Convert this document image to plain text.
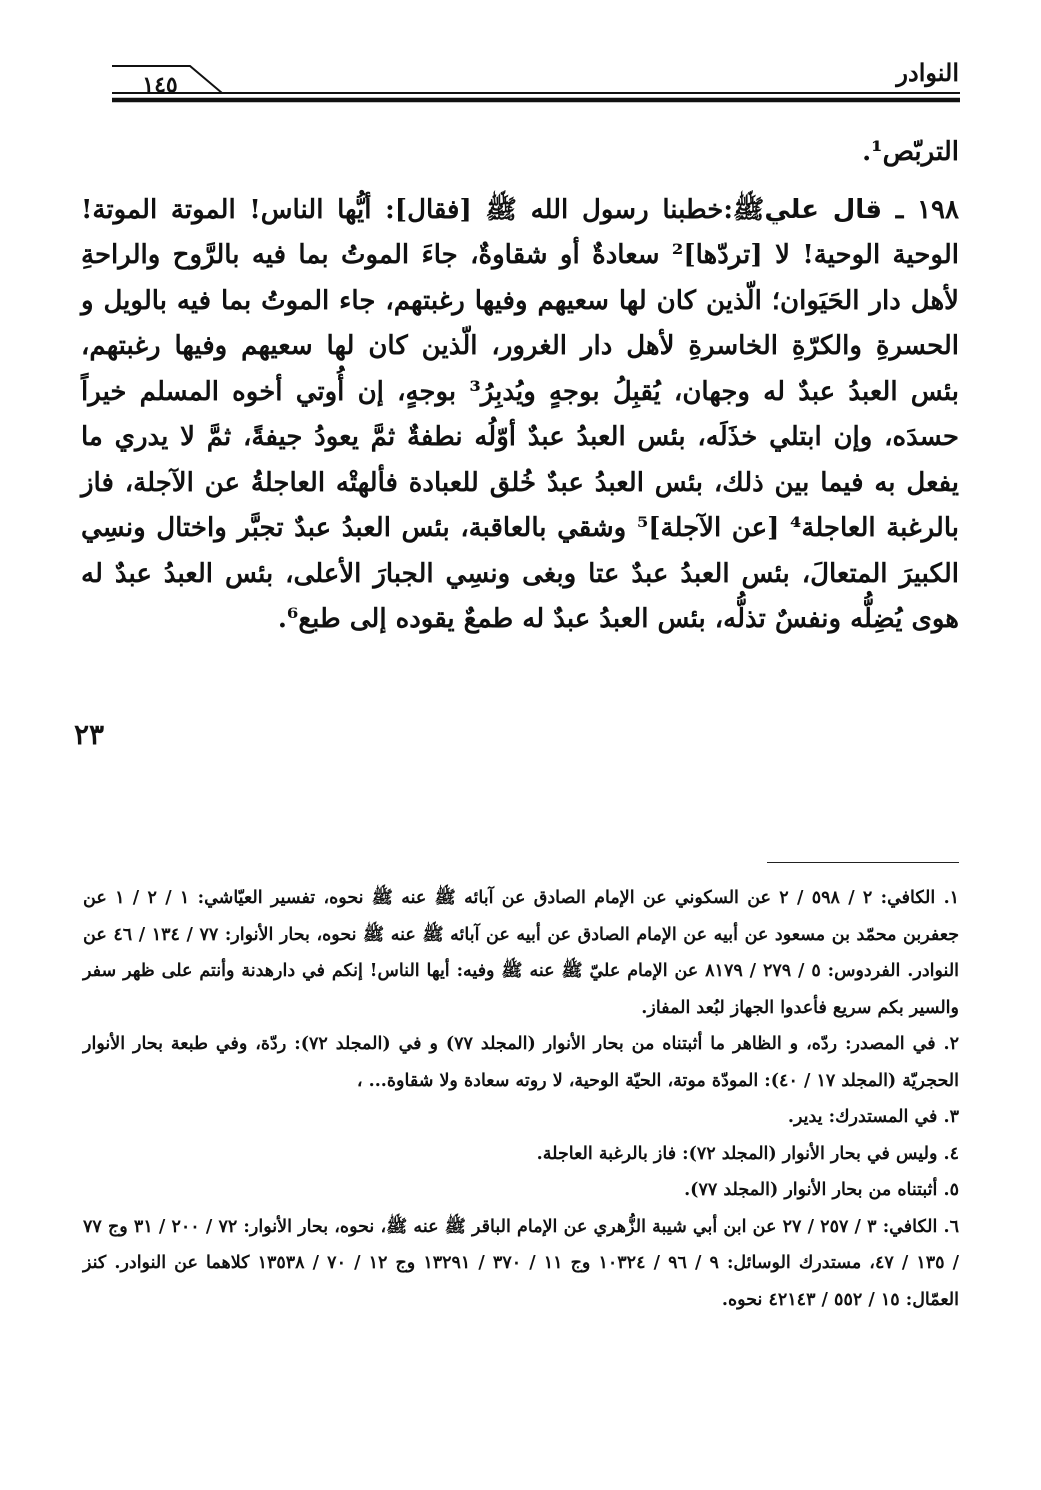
النوادر
١٤٥

التربّص¹.

١٩٨ ـ قال عليﷺ:خطبنا رسول الله ﷺ [فقال]: أيُّها الناس! الموتة الموتة! الوحية الوحية! لا [تردّها]² سعادةٌ أو شقاوةٌ، جاءَ الموتُ بما فيه بالرَّوح والراحةِ لأهل دار الحَيَوان؛ الّذين كان لها سعيهم وفيها رغبتهم، جاء الموتُ بما فيه بالويل و الحسرةِ والكرّةِ الخاسرةِ لأهل دار الغرور، الّذين كان لها سعيهم وفيها رغبتهم، بئس العبدُ عبدٌ له وجهان، يُقبِلُ بوجهٍ ويُدبِرُ³ بوجهٍ، إن أُوتي أخوه المسلم خيراً حسدَه، وإن ابتلي خذَلَه، بئس العبدُ عبدٌ أوّلُه نطفةٌ ثمَّ يعودُ جيفةً، ثمَّ لا يدري ما يفعل به فيما بين ذلك، بئس العبدُ عبدٌ خُلق للعبادة فألهتْه العاجلةُ عن الآجلة، فاز بالرغبة العاجلة⁴ [عن الآجلة]⁵ وشقي بالعاقبة، بئس العبدُ عبدٌ تجبَّر واختال ونسِي الكبيرَ المتعالَ، بئس العبدُ عبدٌ عتا وبغى ونسِي الجبارَ الأعلى، بئس العبدُ عبدٌ له هوى يُضِلُّه ونفسٌ تذلُّه، بئس العبدُ عبدٌ له طمعٌ يقوده إلى طبع⁶.

٢٣

١. الكافي: ٢ / ٥٩٨ / ٢ عن السكوني عن الإمام الصادق عن آبائه ﷺ عنه ﷺ نحوه، تفسير العيّاشي: ١ / ٢ / ١ عن جعفربن محمّد بن مسعود عن أبيه عن الإمام الصادق عن أبيه عن آبائه ﷺ عنه ﷺ نحوه، بحار الأنوار: ٧٧ / ١٣٤ / ٤٦ عن النوادر. الفردوس: ٥ / ٢٧٩ / ٨١٧٩ عن الإمام عليّ ﷺ عنه ﷺ وفيه: أيها الناس! إنكم في دارهدنة وأنتم على ظهر سفر والسير بكم سريع فأعدوا الجهاز لبُعد المفاز.

٢. في المصدر: ردّه، و الظاهر ما أثبتناه من بحار الأنوار (المجلد ٧٧) و في (المجلد ٧٢): ردّة، وفي طبعة بحار الأنوار الحجريّة (المجلد ١٧ / ٤٠): المودّة موتة، الحيّة الوحية، لا روته سعادة ولا شقاوة... ،

٣. في المستدرك: يدير.

٤. وليس في بحار الأنوار (المجلد ٧٢): فاز بالرغبة العاجلة.

٥. أثبتناه من بحار الأنوار (المجلد ٧٧).

٦. الكافي: ٣ / ٢٥٧ / ٢٧ عن ابن أبي شيبة الزُّهري عن الإمام الباقر ﷺ عنه ﷺ، نحوه، بحار الأنوار: ٧٢ / ٢٠٠ / ٣١ وج ٧٧ / ١٣٥ / ٤٧، مستدرك الوسائل: ٩ / ٩٦ / ١٠٣٢٤ وج ١١ / ٣٧٠ / ١٣٢٩١ وج ١٢ / ٧٠ / ١٣٥٣٨ كلاهما عن النوادر. كنز العمّال: ١٥ / ٥٥٢ / ٤٢١٤٣ نحوه.
